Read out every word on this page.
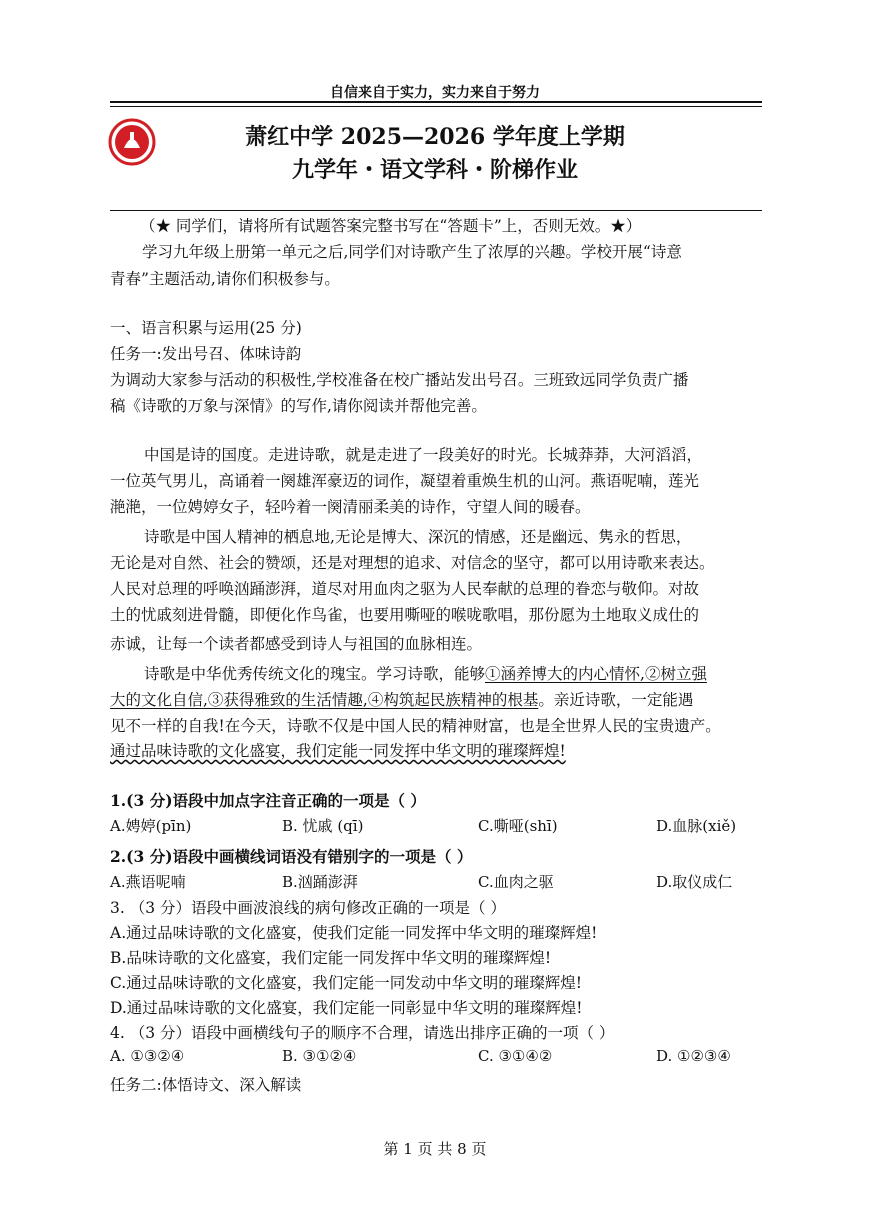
自信来自于实力，实力来自于努力
萧红中学 2025—2026 学年度上学期
九学年・语文学科・阶梯作业
（★ 同学们，请将所有试题答案完整书写在“答题卡”上，否则无效。★）
学习九年级上册第一单元之后,同学们对诗歌产生了浓厚的兴趣。学校开展“诗意
青春”主题活动,请你们积极参与。
一、语言积累与运用(25 分)
任务一:发出号召、体味诗韵
为调动大家参与活动的积极性,学校准备在校广播站发出号召。三班致远同学负责广播
稿《诗歌的万象与深情》的写作,请你阅读并帮他完善。
中国是诗的国度。走进诗歌，就是走进了一段美好的时光。长城莽莽，大河滔滔，
一位英气男儿，高诵着一阕雄浑豪迈的词作，凝望着重焕生机的山河。燕语呢喃，莲光
滟滟，一位娉婷女子，轻吟着一阕清丽柔美的诗作，守望人间的暖春。
诗歌是中国人精神的栖息地,无论是博大、深沉的情感，还是幽远、隽永的哲思，
无论是对自然、社会的赞颂，还是对理想的追求、对信念的坚守，都可以用诗歌来表达。
人民对总理的呼唤汹踊澎湃，道尽对用血肉之驱为人民奉献的总理的眷恋与敬仰。对故
土的忧戚刻进骨髓，即便化作鸟雀，也要用嘶哑的喉咙歌唱，那份愿为土地取义成仕的
赤诚，让每一个读者都感受到诗人与祖国的血脉相连。
诗歌是中华优秀传统文化的瑰宝。学习诗歌，能够①涵养博大的内心情怀,②树立强
大的文化自信,③获得雅致的生活情趣,④构筑起民族精神的根基。亲近诗歌，一定能遇
见不一样的自我!在今天，诗歌不仅是中国人民的精神财富，也是全世界人民的宝贵遗产。
通过品味诗歌的文化盛宴，我们定能一同发挥中华文明的璀璨辉煌!
1.(3 分)语段中加点字注音正确的一项是（ ）
A.娉婷(pīn)	B. 忧戚 (qī)	C.嘶哑(shī)	D.血脉(xiě)
2.(3 分)语段中画横线词语没有错别字的一项是（ ）
A.燕语呢喃	B.汹踊澎湃	C.血肉之驱	D.取仪成仁
3. （3 分）语段中画波浪线的病句修改正确的一项是（ ）
A.通过品味诗歌的文化盛宴，使我们定能一同发挥中华文明的璀璨辉煌!
B.品味诗歌的文化盛宴，我们定能一同发挥中华文明的璀璨辉煌!
C.通过品味诗歌的文化盛宴，我们定能一同发动中华文明的璀璨辉煌!
D.通过品味诗歌的文化盛宴，我们定能一同彰显中华文明的璀璨辉煌!
4. （3 分）语段中画横线句子的顺序不合理，请选出排序正确的一项（ ）
A. ①③②④	B. ③①②④	C. ③①④②	D. ①②③④
任务二:体悟诗文、深入解读
第 1 页 共 8 页
